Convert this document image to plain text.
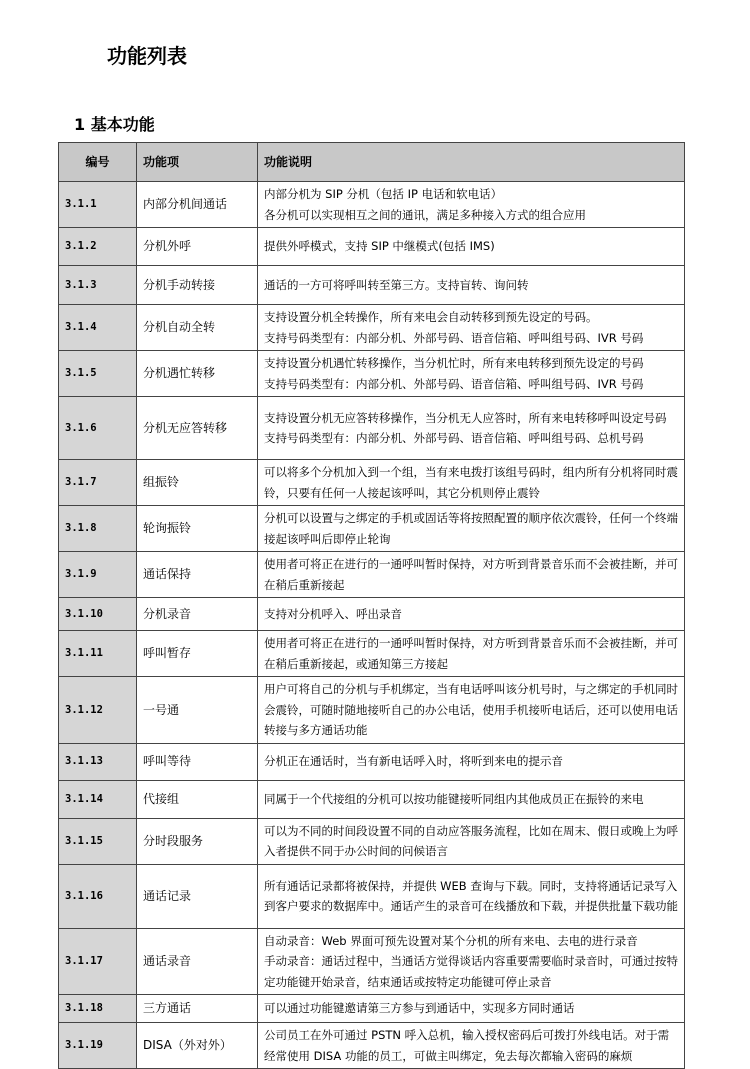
功能列表
1 基本功能
编号	功能项	功能说明
3.1.1	内部分机间通话	内部分机为 SIP 分机（包括 IP 电话和软电话）
各分机可以实现相互之间的通讯，满足多种接入方式的组合应用

3.1.2	分机外呼	提供外呼模式，支持 SIP 中继模式(包括 IMS)

3.1.3	分机手动转接	通话的一方可将呼叫转至第三方。支持盲转、询问转

3.1.4	分机自动全转	支持设置分机全转操作，所有来电会自动转移到预先设定的号码。
支持号码类型有：内部分机、外部号码、语音信箱、呼叫组号码、IVR 号码

3.1.5	分机遇忙转移	支持设置分机遇忙转移操作，当分机忙时，所有来电转移到预先设定的号码
支持号码类型有：内部分机、外部号码、语音信箱、呼叫组号码、IVR 号码

3.1.6	分机无应答转移	支持设置分机无应答转移操作，当分机无人应答时，所有来电转移呼叫设定号码
支持号码类型有：内部分机、外部号码、语音信箱、呼叫组号码、总机号码

3.1.7	组振铃	可以将多个分机加入到一个组，当有来电拨打该组号码时，组内所有分机将同时震铃，只要有任何一人接起该呼叫，其它分机则停止震铃

3.1.8	轮询振铃	分机可以设置与之绑定的手机或固话等将按照配置的顺序依次震铃，任何一个终端接起该呼叫后即停止轮询

3.1.9	通话保持	使用者可将正在进行的一通呼叫暂时保持，对方听到背景音乐而不会被挂断，并可在稍后重新接起

3.1.10	分机录音	支持对分机呼入、呼出录音

3.1.11	呼叫暂存	使用者可将正在进行的一通呼叫暂时保持，对方听到背景音乐而不会被挂断，并可在稍后重新接起，或通知第三方接起

3.1.12	一号通	用户可将自己的分机与手机绑定，当有电话呼叫该分机号时，与之绑定的手机同时会震铃，可随时随地接听自己的办公电话，使用手机接听电话后，还可以使用电话转接与多方通话功能

3.1.13	呼叫等待	分机正在通话时，当有新电话呼入时，将听到来电的提示音

3.1.14	代接组	同属于一个代接组的分机可以按功能键接听同组内其他成员正在振铃的来电

3.1.15	分时段服务	可以为不同的时间段设置不同的自动应答服务流程，比如在周末、假日或晚上为呼入者提供不同于办公时间的问候语言

3.1.16	通话记录	所有通话记录都将被保持，并提供 WEB 查询与下载。同时，支持将通话记录写入到客户要求的数据库中。通话产生的录音可在线播放和下载，并提供批量下载功能

3.1.17	通话录音	自动录音：Web 界面可预先设置对某个分机的所有来电、去电的进行录音
手动录音：通话过程中，当通话方觉得谈话内容重要需要临时录音时，可通过按特定功能键开始录音，结束通话或按特定功能键可停止录音

3.1.18	三方通话	可以通过功能键邀请第三方参与到通话中，实现多方同时通话

3.1.19	DISA（外对外）	公司员工在外可通过 PSTN 呼入总机，输入授权密码后可拨打外线电话。对于需经常使用 DISA 功能的员工，可做主叫绑定，免去每次都输入密码的麻烦
